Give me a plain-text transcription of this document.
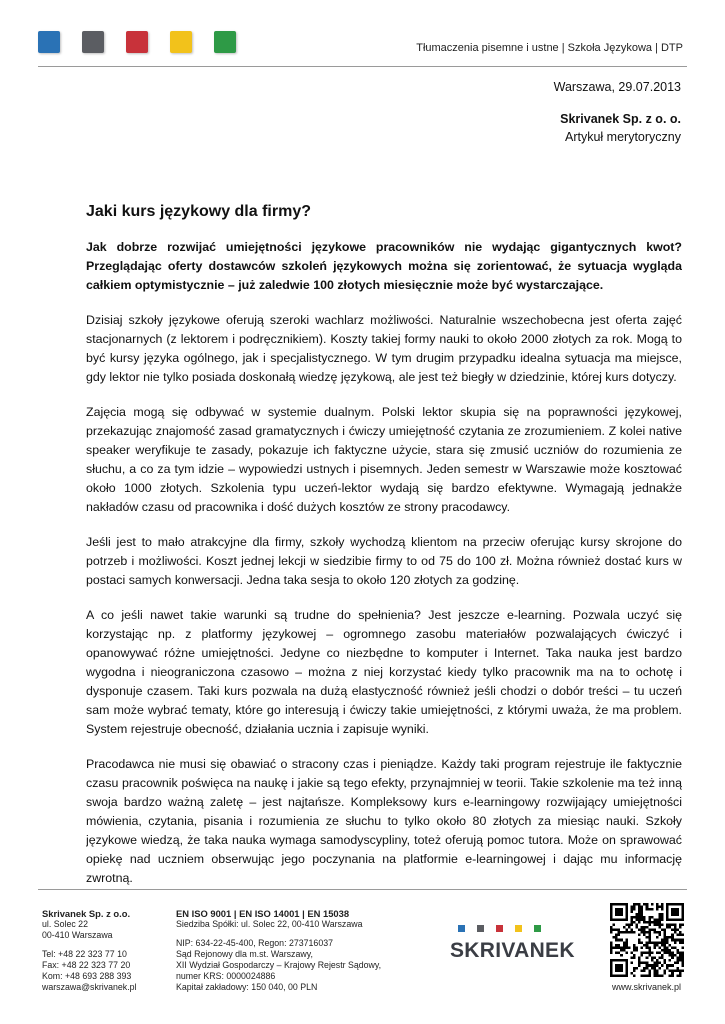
Tłumaczenia pisemne i ustne | Szkoła Językowa | DTP
Warszawa, 29.07.2013
Skrivanek Sp. z o. o.
Artykuł merytoryczny
Jaki kurs językowy dla firmy?

Jak dobrze rozwijać umiejętności językowe pracowników nie wydając gigantycznych kwot? Przeglądając oferty dostawców szkoleń językowych można się zorientować, że sytuacja wygląda całkiem optymistycznie – już zaledwie 100 złotych miesięcznie może być wystarczające.

Dzisiaj szkoły językowe oferują szeroki wachlarz możliwości. Naturalnie wszechobecna jest oferta zajęć stacjonarnych (z lektorem i podręcznikiem). Koszty takiej formy nauki to około 2000 złotych za rok. Mogą to być kursy języka ogólnego, jak i specjalistycznego. W tym drugim przypadku idealna sytuacja ma miejsce, gdy lektor nie tylko posiada doskonałą wiedzę językową, ale jest też biegły w dziedzinie, której kurs dotyczy.

Zajęcia mogą się odbywać w systemie dualnym. Polski lektor skupia się na poprawności językowej, przekazując znajomość zasad gramatycznych i ćwiczy umiejętność czytania ze zrozumieniem. Z kolei native speaker weryfikuje te zasady, pokazuje ich faktyczne użycie, stara się zmusić uczniów do rozumienia ze słuchu, a co za tym idzie – wypowiedzi ustnych i pisemnych. Jeden semestr w Warszawie może kosztować około 1000 złotych. Szkolenia typu uczeń-lektor wydają się bardzo efektywne. Wymagają jednakże nakładów czasu od pracownika i dość dużych kosztów ze strony pracodawcy.

Jeśli jest to mało atrakcyjne dla firmy, szkoły wychodzą klientom na przeciw oferując kursy skrojone do potrzeb i możliwości. Koszt jednej lekcji w siedzibie firmy to od 75 do 100 zł. Można również dostać kurs w postaci samych konwersacji. Jedna taka sesja to około 120 złotych za godzinę.

A co jeśli nawet takie warunki są trudne do spełnienia? Jest jeszcze e-learning. Pozwala uczyć się korzystając np. z platformy językowej – ogromnego zasobu materiałów pozwalających ćwiczyć i opanowywać różne umiejętności. Jedyne co niezbędne to komputer i Internet. Taka nauka jest bardzo wygodna i nieograniczona czasowo – można z niej korzystać kiedy tylko pracownik ma na to ochotę i dysponuje czasem. Taki kurs pozwala na dużą elastyczność również jeśli chodzi o dobór treści – tu uczeń sam może wybrać tematy, które go interesują i ćwiczy takie umiejętności, z którymi uważa, że ma problem. System rejestruje obecność, działania ucznia i zapisuje wyniki.

Pracodawca nie musi się obawiać o stracony czas i pieniądze. Każdy taki program rejestruje ile faktycznie czasu pracownik poświęca na naukę i jakie są tego efekty, przynajmniej w teorii. Takie szkolenie ma też inną swoja bardzo ważną zaletę – jest najtańsze. Kompleksowy kurs e-learningowy rozwijający umiejętności mówienia, czytania, pisania i rozumienia ze słuchu to tylko około 80 złotych za miesiąc nauki. Szkoły językowe wiedzą, że taka nauka wymaga samodyscypliny, toteż oferują pomoc tutora. Może on sprawować opiekę nad uczniem obserwując jego poczynania na platformie e-learningowej i dając mu informację zwrotną.

Skrivanek Sp. z o.o.
ul. Solec 22
00-410 Warszawa
Tel: +48 22 323 77 10
Fax: +48 22 323 77 20
Kom: +48 693 288 393
warszawa@skrivanek.pl
EN ISO 9001 | EN ISO 14001 | EN 15038
Siedziba Spółki: ul. Solec 22, 00-410 Warszawa
NIP: 634-22-45-400, Regon: 273716037
Sąd Rejonowy dla m.st. Warszawy,
XII Wydział Gospodarczy – Krajowy Rejestr Sądowy,
numer KRS: 0000024886
Kapitał zakładowy: 150 040, 00 PLN
SKRIVANEK
www.skrivanek.pl
